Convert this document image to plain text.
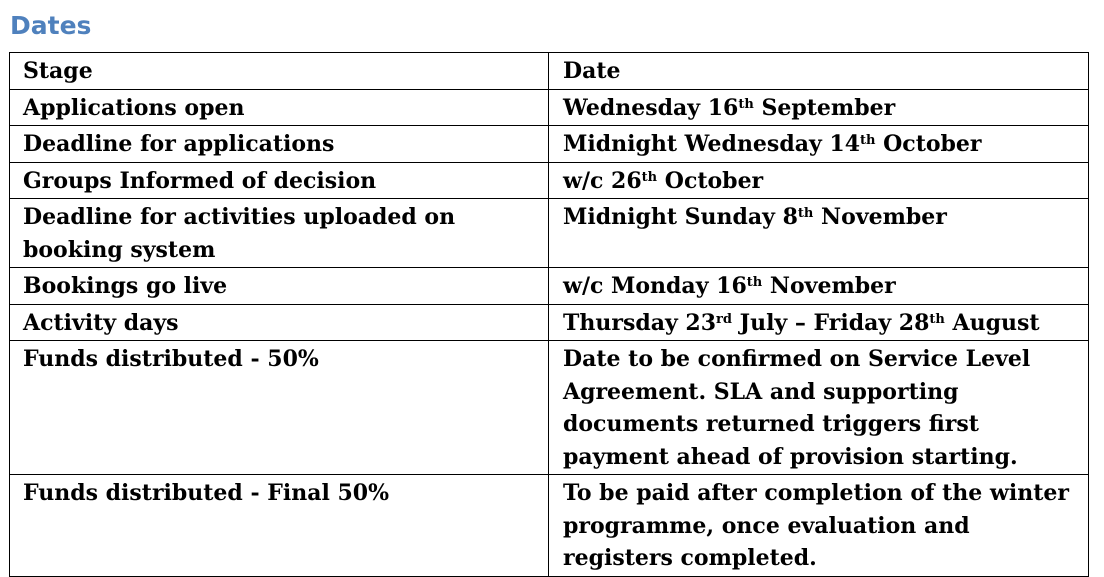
Dates
Stage	Date
Applications open	Wednesday 16th September
Deadline for applications	Midnight Wednesday 14th October
Groups Informed of decision	w/c 26th October
Deadline for activities uploaded on booking system	Midnight Sunday 8th November
Bookings go live	w/c Monday 16th November
Activity days	Thursday 23rd July – Friday 28th August
Funds distributed - 50%	Date to be confirmed on Service Level Agreement. SLA and supporting documents returned triggers first payment ahead of provision starting.
Funds distributed - Final 50%	To be paid after completion of the winter programme, once evaluation and registers completed.
